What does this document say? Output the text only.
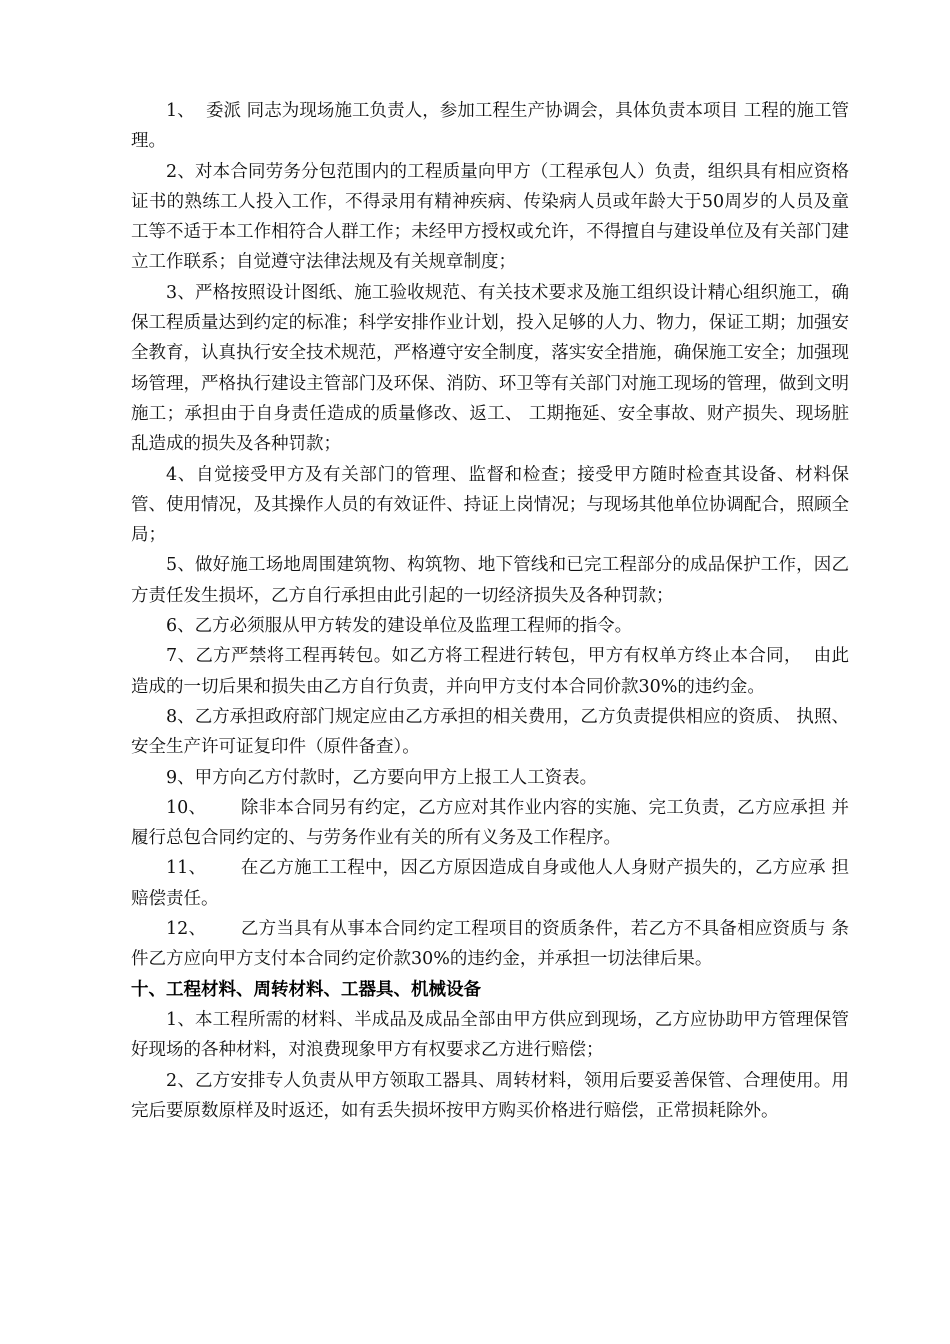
1、  委派 同志为现场施工负责人，参加工程生产协调会，具体负责本项目 工程的施工管理。

2、对本合同劳务分包范围内的工程质量向甲方（工程承包人）负责，组织具有相应资格证书的熟练工人投入工作，不得录用有精神疾病、传染病人员或年龄大于50周岁的人员及童工等不适于本工作相符合人群工作；未经甲方授权或允许，不得擅自与建设单位及有关部门建立工作联系；自觉遵守法律法规及有关规章制度；

3、严格按照设计图纸、施工验收规范、有关技术要求及施工组织设计精心组织施工，确保工程质量达到约定的标准；科学安排作业计划，投入足够的人力、物力，保证工期；加强安全教育，认真执行安全技术规范，严格遵守安全制度，落实安全措施，确保施工安全；加强现场管理，严格执行建设主管部门及环保、消防、环卫等有关部门对施工现场的管理，做到文明施工；承担由于自身责任造成的质量修改、返工、 工期拖延、安全事故、财产损失、现场脏乱造成的损失及各种罚款；

4、自觉接受甲方及有关部门的管理、监督和检查；接受甲方随时检查其设备、材料保管、使用情况，及其操作人员的有效证件、持证上岗情况；与现场其他单位协调配合，照顾全局；

5、做好施工场地周围建筑物、构筑物、地下管线和已完工程部分的成品保护工作，因乙方责任发生损坏，乙方自行承担由此引起的一切经济损失及各种罚款；

6、乙方必须服从甲方转发的建设单位及监理工程师的指令。

7、乙方严禁将工程再转包。如乙方将工程进行转包，甲方有权单方终止本合同，  由此造成的一切后果和损失由乙方自行负责，并向甲方支付本合同价款30%的违约金。

8、乙方承担政府部门规定应由乙方承担的相关费用，乙方负责提供相应的资质、 执照、安全生产许可证复印件（原件备查）。

9、甲方向乙方付款时，乙方要向甲方上报工人工资表。

10、      除非本合同另有约定，乙方应对其作业内容的实施、完工负责，乙方应承担 并履行总包合同约定的、与劳务作业有关的所有义务及工作程序。

11、      在乙方施工工程中，因乙方原因造成自身或他人人身财产损失的，乙方应承 担赔偿责任。

12、      乙方当具有从事本合同约定工程项目的资质条件，若乙方不具备相应资质与 条件乙方应向甲方支付本合同约定价款30%的违约金，并承担一切法律后果。

十、工程材料、周转材料、工器具、机械设备

1、本工程所需的材料、半成品及成品全部由甲方供应到现场，乙方应协助甲方管理保管好现场的各种材料，对浪费现象甲方有权要求乙方进行赔偿；

2、乙方安排专人负责从甲方领取工器具、周转材料，领用后要妥善保管、合理使用。用完后要原数原样及时返还，如有丢失损坏按甲方购买价格进行赔偿，正常损耗除外。
